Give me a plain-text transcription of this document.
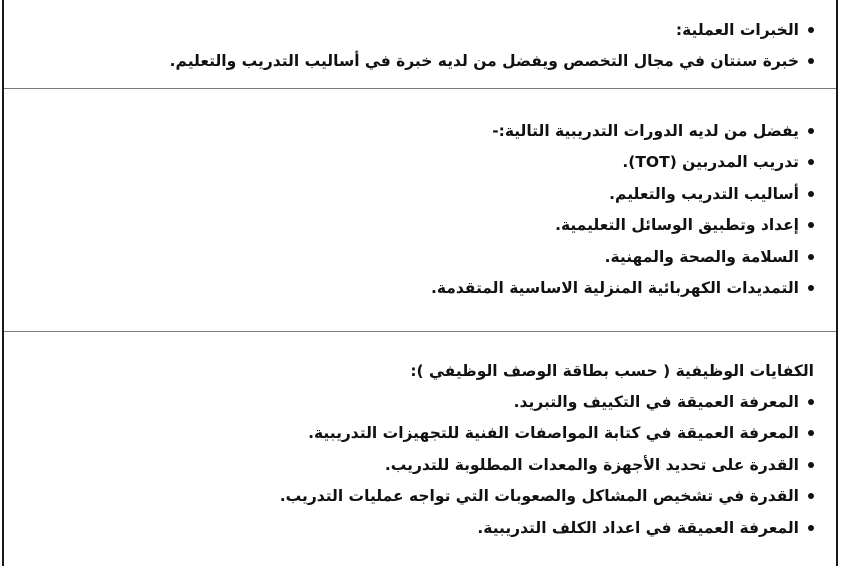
الخبرات العملية:
خبرة سنتان في مجال التخصص ويفضل من لديه خبرة في أساليب التدريب والتعليم.
يفضل من لديه الدورات التدريبية التالية:-
تدريب المدربين (TOT).
أساليب التدريب والتعليم.
إعداد وتطبيق الوسائل التعليمية.
السلامة والصحة والمهنية.
التمديدات الكهربائية المنزلية الاساسية المتقدمة.
الكفايات الوظيفية ( حسب بطاقة الوصف الوظيفي ):
المعرفة العميقة في التكييف والتبريد.
المعرفة العميقة في كتابة المواصفات الفنية للتجهيزات التدريبية.
القدرة على تحديد الأجهزة والمعدات المطلوبة للتدريب.
القدرة في تشخيص المشاكل والصعوبات التي تواجه عمليات التدريب.
المعرفة العميقة في اعداد الكلف التدريبية.
